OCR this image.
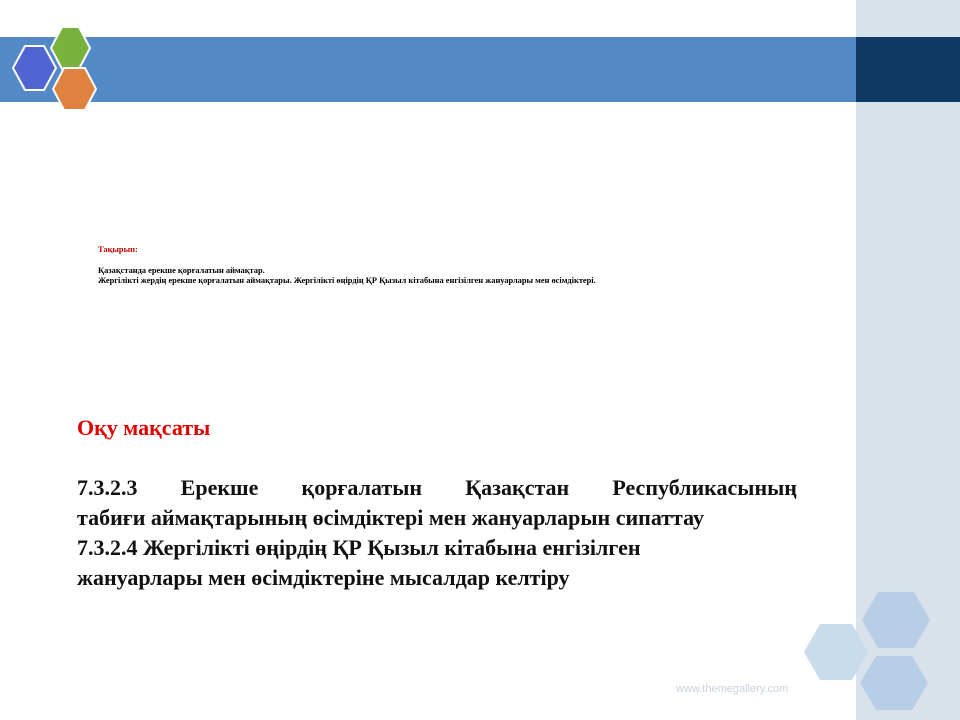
Тақырып:
Қазақстанда ерекше қорғалатын аймақтар.
Жергілікті жердің ерекше қорғалатын аймақтары. Жергілікті өңірдің ҚР Қызыл кітабына енгізілген жануарлары мен өсімдіктері.
Оқу мақсаты
7.3.2.3 Ерекше қорғалатын Қазақстан Республикасының
табиғи аймақтарының өсімдіктері мен жануарларын сипаттау
7.3.2.4 Жергілікті өңірдің ҚР Қызыл кітабына енгізілген
жануарлары мен өсімдіктеріне мысалдар келтіру
www.themegallery.com
